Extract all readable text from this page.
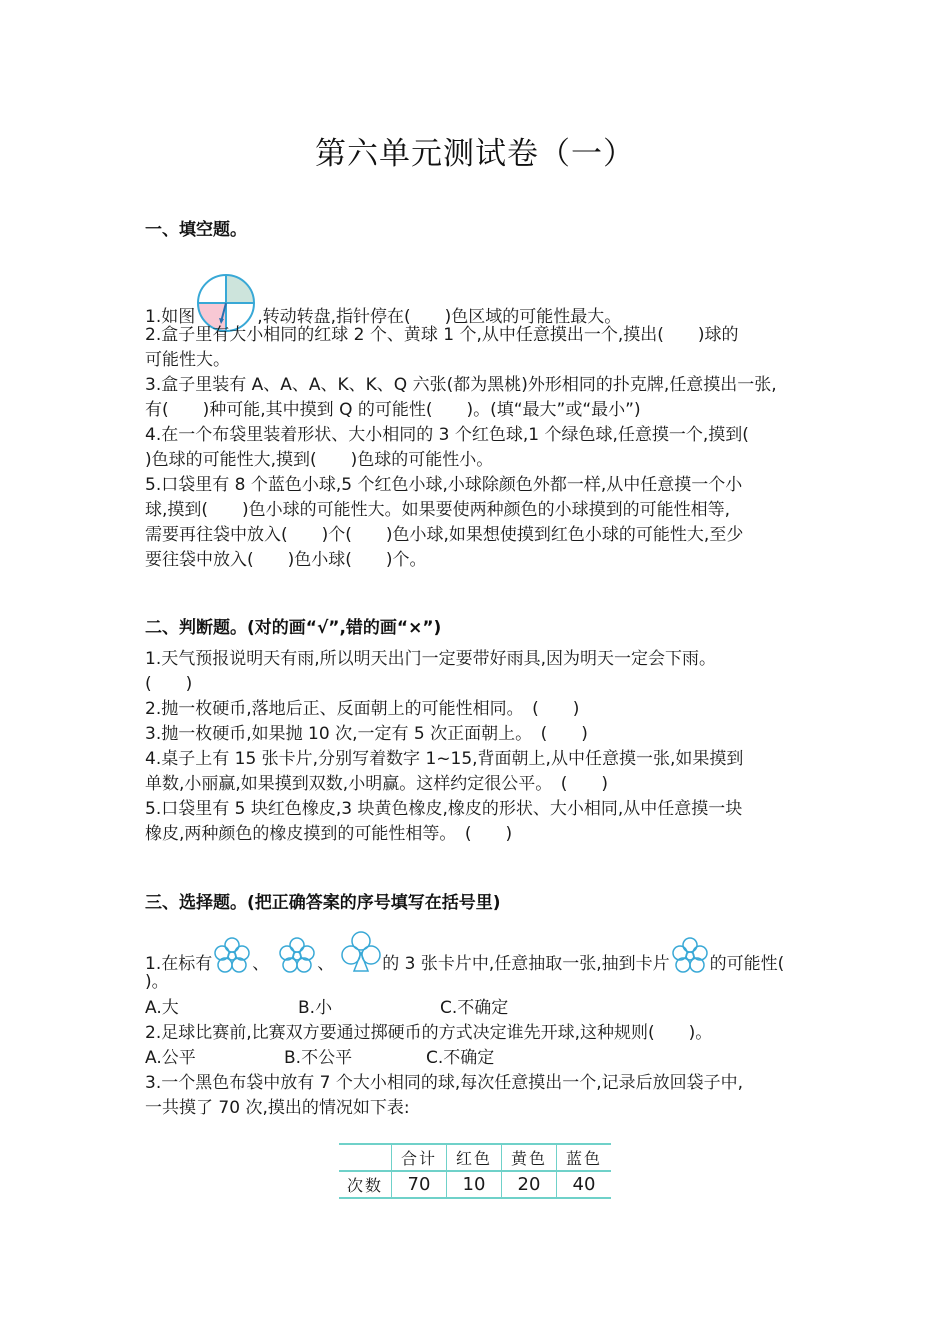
第六单元测试卷（一）
一、填空题。
1.如图	,转动转盘,指针停在(　　)色区域的可能性最大。
2.盒子里有大小相同的红球 2 个、黄球 1 个,从中任意摸出一个,摸出(　　)球的
可能性大。
3.盒子里装有 A、A、A、K、K、Q 六张(都为黑桃)外形相同的扑克牌,任意摸出一张,
有(　　)种可能,其中摸到 Q 的可能性(　　)。(填“最大”或“最小”)
4.在一个布袋里装着形状、大小相同的 3 个红色球,1 个绿色球,任意摸一个,摸到(
)色球的可能性大,摸到(　　)色球的可能性小。
5.口袋里有 8 个蓝色小球,5 个红色小球,小球除颜色外都一样,从中任意摸一个小
球,摸到(　　)色小球的可能性大。如果要使两种颜色的小球摸到的可能性相等,
需要再往袋中放入(　　)个(　　)色小球,如果想使摸到红色小球的可能性大,至少
要往袋中放入(　　)色小球(　　)个。
二、判断题。(对的画“√”,错的画“×”)
1.天气预报说明天有雨,所以明天出门一定要带好雨具,因为明天一定会下雨。
(　　)
2.抛一枚硬币,落地后正、反面朝上的可能性相同。　(　　)
3.抛一枚硬币,如果抛 10 次,一定有 5 次正面朝上。　(　　)
4.桌子上有 15 张卡片,分别写着数字 1~15,背面朝上,从中任意摸一张,如果摸到
单数,小丽赢,如果摸到双数,小明赢。这样约定很公平。　(　　)
5.口袋里有 5 块红色橡皮,3 块黄色橡皮,橡皮的形状、大小相同,从中任意摸一块
橡皮,两种颜色的橡皮摸到的可能性相等。　(　　)
三、选择题。(把正确答案的序号填写在括号里)
1.在标有 、	、	的 3 张卡片中,任意抽取一张,抽到卡片 的可能性(
)。
A.大	B.小	C.不确定
2.足球比赛前,比赛双方要通过掷硬币的方式决定谁先开球,这种规则(　　)。
A.公平	B.不公平	C.不确定
3.一个黑色布袋中放有 7 个大小相同的球,每次任意摸出一个,记录后放回袋子中,
一共摸了 70 次,摸出的情况如下表:
	合计	红色	黄色	蓝色
次数	70	10	20	40
